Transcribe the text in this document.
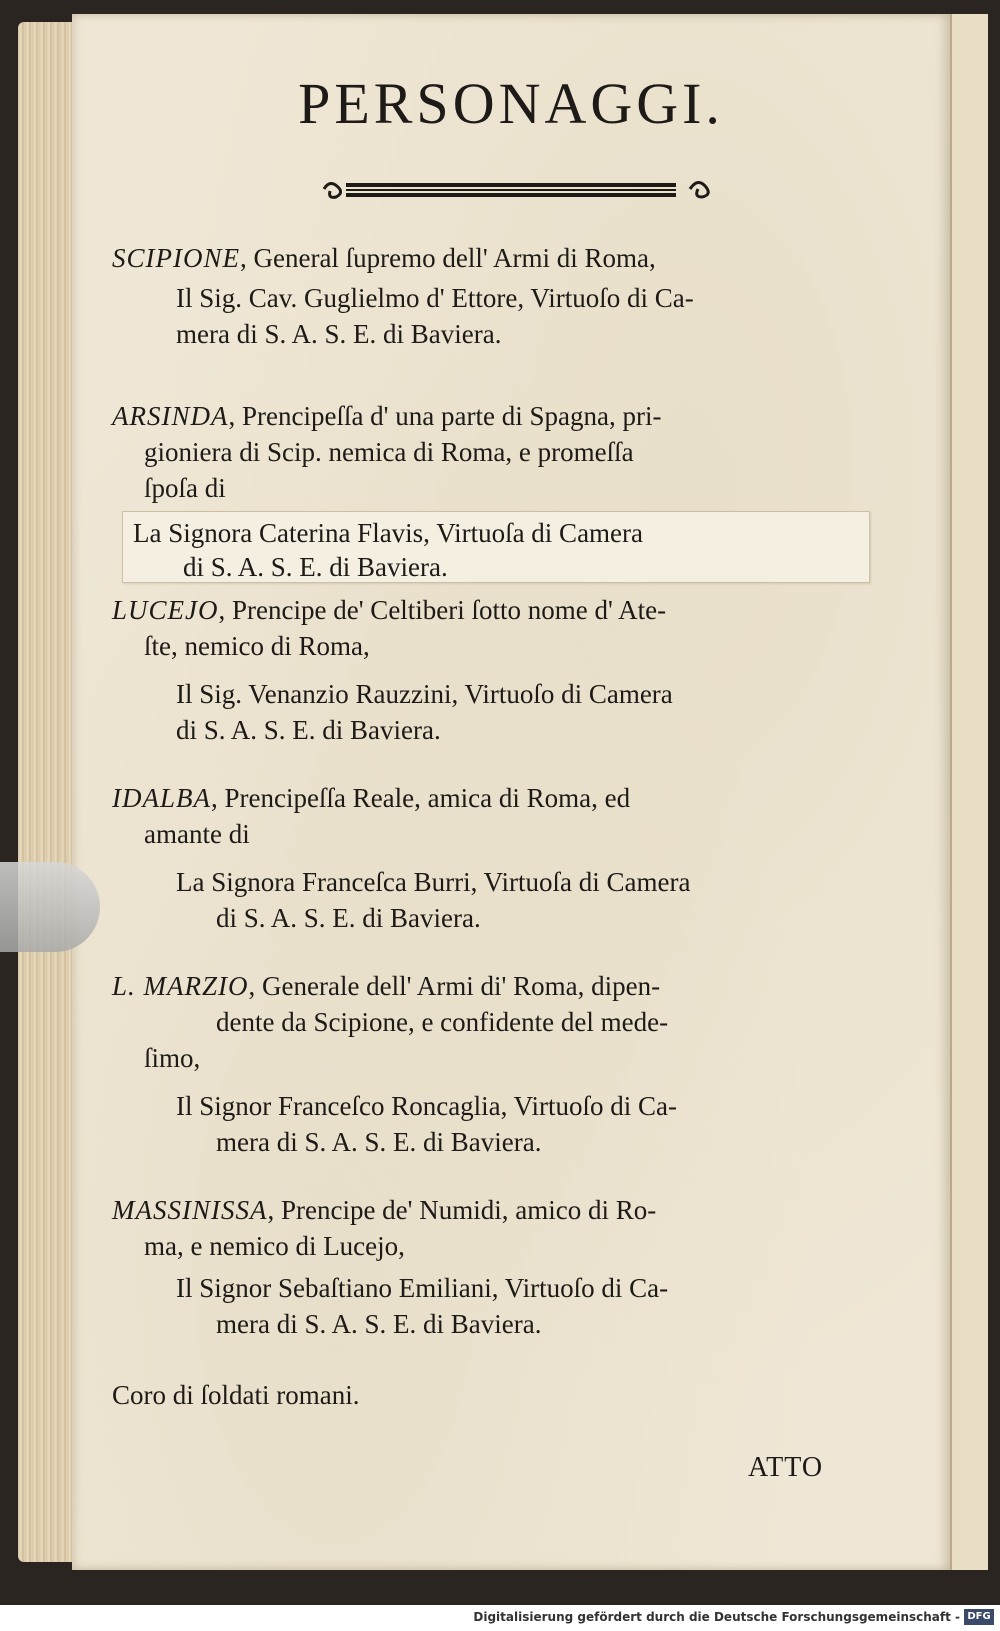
PERSONAGGI.
SCIPIONE, General ſupremo dell' Armi di Roma,
Il Sig. Cav. Guglielmo d' Ettore, Virtuoſo di Ca-
mera di S. A. S. E. di Baviera.
ARSINDA, Prencipeſſa d' una parte di Spagna, pri-
gioniera di Scip. nemica di Roma, e promeſſa
ſpoſa di
La Signora Caterina Flavis, Virtuoſa di Camera
di S. A. S. E. di Baviera.
LUCEJO, Prencipe de' Celtiberi ſotto nome d' Ate-
ſte, nemico di Roma,
Il Sig. Venanzio Rauzzini, Virtuoſo di Camera
di S. A. S. E. di Baviera.
IDALBA, Prencipeſſa Reale, amica di Roma, ed
amante di
La Signora Franceſca Burri, Virtuoſa di Camera
di S. A. S. E. di Baviera.
L. MARZIO, Generale dell' Armi di' Roma, dipen-
dente da Scipione, e confidente del mede-
ſimo,
Il Signor Franceſco Roncaglia, Virtuoſo di Ca-
mera di S. A. S. E. di Baviera.
MASSINISSA, Prencipe de' Numidi, amico di Ro-
ma, e nemico di Lucejo,
Il Signor Sebaſtiano Emiliani, Virtuoſo di Ca-
mera di S. A. S. E. di Baviera.
Coro di ſoldati romani.
ATTO
Digitalisierung gefördert durch die Deutsche Forschungsgemeinschaft - DFG
